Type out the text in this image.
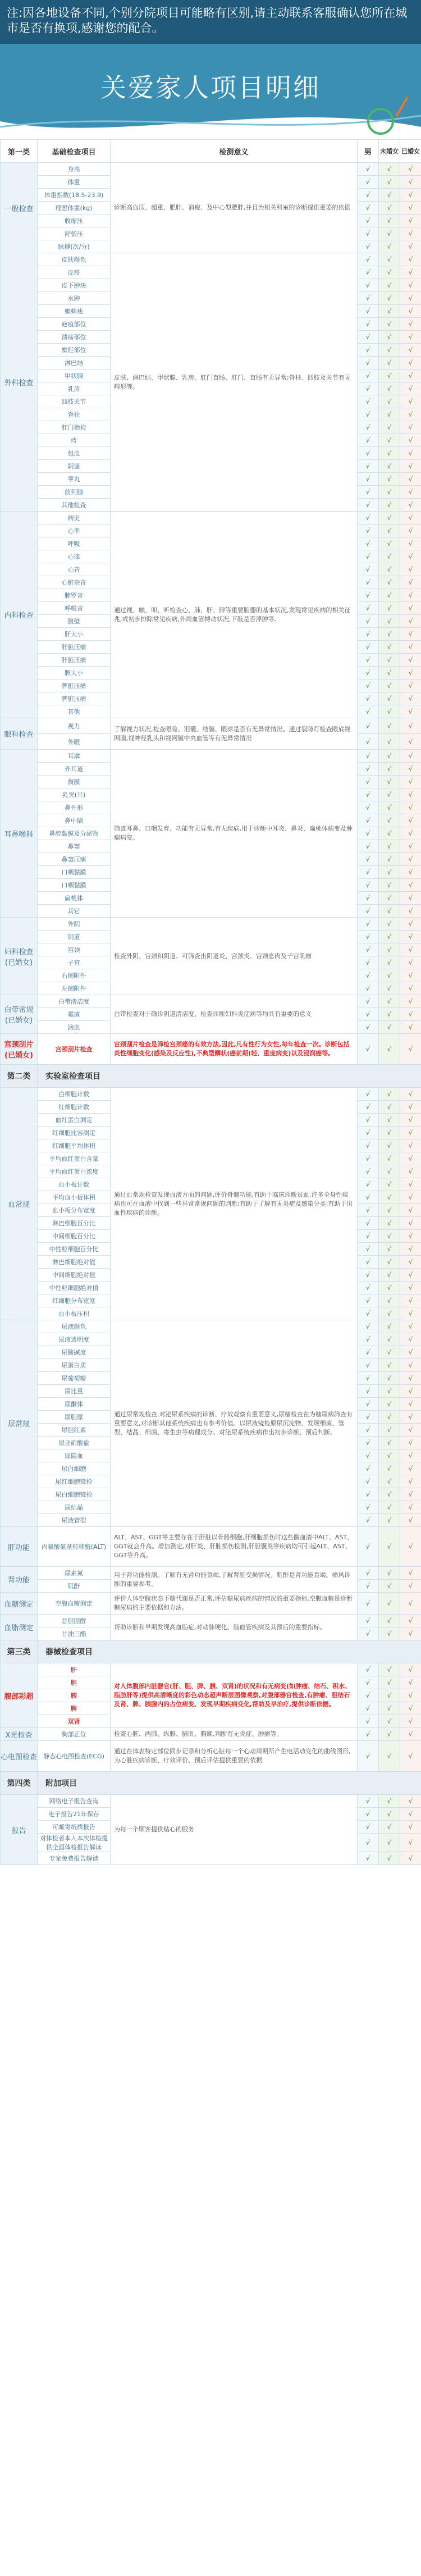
注:因各地设备不同,个别分院项目可能略有区别,请主动联系客服确认您所在城市是否有换项,感谢您的配合。
关爱家人项目明细
第一类	基础检查项目	检测意义	男	未婚女	已婚女
一般检查	身高	诊断高血压、超重、肥胖、消瘦、及中心型肥胖,并且为相关科室的诊断提供重要的依据	√	√	√
	体重		√	√	√
	体重指数(18.5-23.9)		√	√	√
	理想体重(kg)		√	√	√
	收缩压		√	√	√
	舒张压		√	√	√
	脉搏(次/分)		√	√	√
外科检查	皮肤颜色	皮肤、淋巴结、甲状腺、乳房、肛门直肠、肛门、直肠有无异常;脊柱、四肢及关节有无畸形等。	√	√	√
	皮疹		√	√	√
	皮下肿块		√	√	√
	水肿		√	√	√
	蜘蛛痣		√	√	√
	疤痕部位		√	√	√
	溃疡部位		√	√	√
	糜烂部位		√	√	√
	淋巴结		√	√	√
	甲状腺		√	√	√
	乳房		√	√	√
	四肢关节		√	√	√
	脊柱		√	√	√
	肛门指检		√	√	√
	痔		√	√	√
	包皮		√	√	√
	阴茎		√	√	√
	睾丸		√	√	√
	前列腺		√	√	√
	其他检查		√	√	√
内科检查	病史	通过视、触、叩、听检查心、肺、肝、脾等重要脏器的基本状况,发现常见疾病的相关征兆,或初步排除常见疾病,外周血管搏动状况,下肢是否浮肿等。	√	√	√
	心率		√	√	√
	呼吸		√	√	√
	心律		√	√	√
	心音		√	√	√
	心脏杂音		√	√	√
	肺罗音		√	√	√
	呼吸音		√	√	√
	腹壁		√	√	√
	肝大小		√	√	√
	肝脏压痛		√	√	√
	肝脏压痛		√	√	√
	脾大小		√	√	√
	脾脏压痛		√	√	√
	脾脏压痛		√	√	√
	其他		√	√	√
眼科检查	视力	了解视力状况,检查眼睑、泪囊、结膜、眼球是否有无异常情况。通过裂隙灯检查眼底视网膜,视神经乳头和视网膜中央血管等有无异常情况	√	√	√
	外眼		√	√	√
耳鼻喉科	耳廓	筛查耳鼻、口咽发育、功能有无异常,有无疾病,用于诊断中耳炎、鼻炎、扁桃体病变及肿瘤病变。	√	√	√
	外耳道		√	√	√
	鼓膜		√	√	√
	乳突(耳)		√	√	√
	鼻外形		√	√	√
	鼻中隔		√	√	√
	鼻腔黏膜及分泌物		√	√	√
	鼻窦		√	√	√
	鼻窦压痛		√	√	√
	口咽黏膜		√	√	√
	口咽黏膜		√	√	√
	扁桃体		√	√	√
	其它		√	√	√
妇科检查(已婚女)	外阴	检查外阴、宫颈和阴道、可筛查出阴道炎、宫颈炎、宫颈息肉及子宫肌瘤	√	√	√
	阴道		√	√	√
	宫颈		√	√	√
	子宫		√	√	√
	右侧附件		√	√	√
	左侧附件		√	√	√
白带常规(已婚女)	白带清洁度	白带检查对于确诊阴道清洁度、检查诊断妇科炎症病等均具有重要的意义	√	√	√
	霉菌		√	√	√
	滴虫		√	√	√
宫颈刮片(已婚女)	宫颈刮片检查	宫颈刮片检查是筛检宫颈癌的有效方法,因此,凡有性行为女性,每年检查一次。诊断包括炎性细胞变化(感染及反应性),不典型鳞状(癌前期(轻、重度病变)以及浸润癌等。	√	√	√
第二类	实验室检查项目				
血常规	白细胞计数	通过血常规检查发现血液方面的问题,评价骨髓功能,有助于临床诊断贫血,许多全身性疾病也可在血液中找到一些异常常规问题的判断;有助于了解有无炎症及感染分类;有助于出血性疾病的诊断。	√	√	√
	红细胞计数		√	√	√
	血红蛋白测定		√	√	√
	红细胞比容测定		√	√	√
	红细胞平均体积		√	√	√
	平均血红蛋白含量		√	√	√
	平均血红蛋白浓度		√	√	√
	血小板计数		√	√	√
	平均血小板体积		√	√	√
	血小板分布宽度		√	√	√
	淋巴细胞百分比		√	√	√
	中间细胞百分比		√	√	√
	中性粒细胞百分比		√	√	√
	淋巴细胞绝对值		√	√	√
	中间细胞绝对值		√	√	√
	中性粒细胞绝对值		√	√	√
	红细胞分布宽度		√	√	√
	血小板压积		√	√	√
尿常规	尿液颜色	通过尿常规检查,对泌尿系疾病的诊断、疗效观察有重要意义,尿糖检查在为糖尿病筛查有重要意义,对诊断其他系统疾病也有参考价值。以尿液镜检原尿沉淀物、发现细菌、管型、结晶、细菌、寄生虫等病理成分。对泌尿系统疾病作出初步诊断、预后判断。	√	√	√
	尿液透明度		√	√	√
	尿酸碱度		√	√	√
	尿蛋白质		√	√	√
	尿葡萄糖		√	√	√
	尿比重		√	√	√
	尿酮体		√	√	√
	尿胆原		√	√	√
	尿胆红素		√	√	√
	尿亚硝酸盐		√	√	√
	尿隐血		√	√	√
	尿白细胞		√	√	√
	尿红细胞镜检		√	√	√
	尿白细胞镜检		√	√	√
	尿结晶		√	√	√
	尿液管型		√	√	√
肝功能	丙氨酸氨基转移酶(ALT)	ALT、AST、GGT等主要存在于肝脏以骨骼细胞,肝细胞损伤时这些酶血清中ALT、AST、GGT就会升高。增加测定,对肝炎、肝脏损伤检测,肝胆囊炎等疾病均可引起ALT、AST、GGT等升高。	√	√	√
肾功能	尿素氮	用于肾功能检测。了解有无肾功能衰竭,了解肾脏受损情况。肌酐是肾功能衰竭、痛风诊断的重要参考。	√	√	√
	肌酐		√	√	√
血糖测定	空腹血糖测定	评价人体空腹状态下糖代谢是否正常,评估糖尿病疾病的情况的重要指标,空腹血糖是诊断糖尿病的主要依据和方法。	√	√	√
血脂测定	总胆固醇	帮助诊断和早期发现高血脂症,对动脉硬化、脑血管疾病及其预后的重要指标。	√	√	√
	甘油三酯		√	√	√
第三类	器械检查项目				
腹部彩超	肝	对人体腹部内脏器官(肝、胆、脾、胰、双肾)的状况和有无病变(如肿瘤、结石、积水、脂肪肝等)提供高清晰度的彩色动态超声断层图像观察,对腹部器官检查,有肿瘤、胆结石及肾、脾、胰腺内的占位病变、发现早期疾病变化,帮助及早治疗,提供诊断依据。	√	√	√
	胆		√	√	√
	胰		√	√	√
	脾		√	√	√
	双肾		√	√	√
X光检查	胸部正位	检查心脏、两肺、纵膈、膈肌、胸廓,判断有无炎症、肿瘤等。	√	√	√
心电图检查	静态心电图检查(ECG)	通过在体表特定部位同步记录和分析心脏每一个心动周期所产生电活动变化的曲线图形,为心脏疾病诊断、疗效评价、预后评估提供重要的依据	√	√	√
第四类	附加项目				
报告	网络电子报告查询	为每一个顾客提供贴心的服务	√	√	√
	电子报告21年保存		√	√	√
	可邮寄纸质报告		√	√	√
	对体检者本人本次体检提供全面体检报告解读		√	√	√
	专家免费报告解读		√	√	√
